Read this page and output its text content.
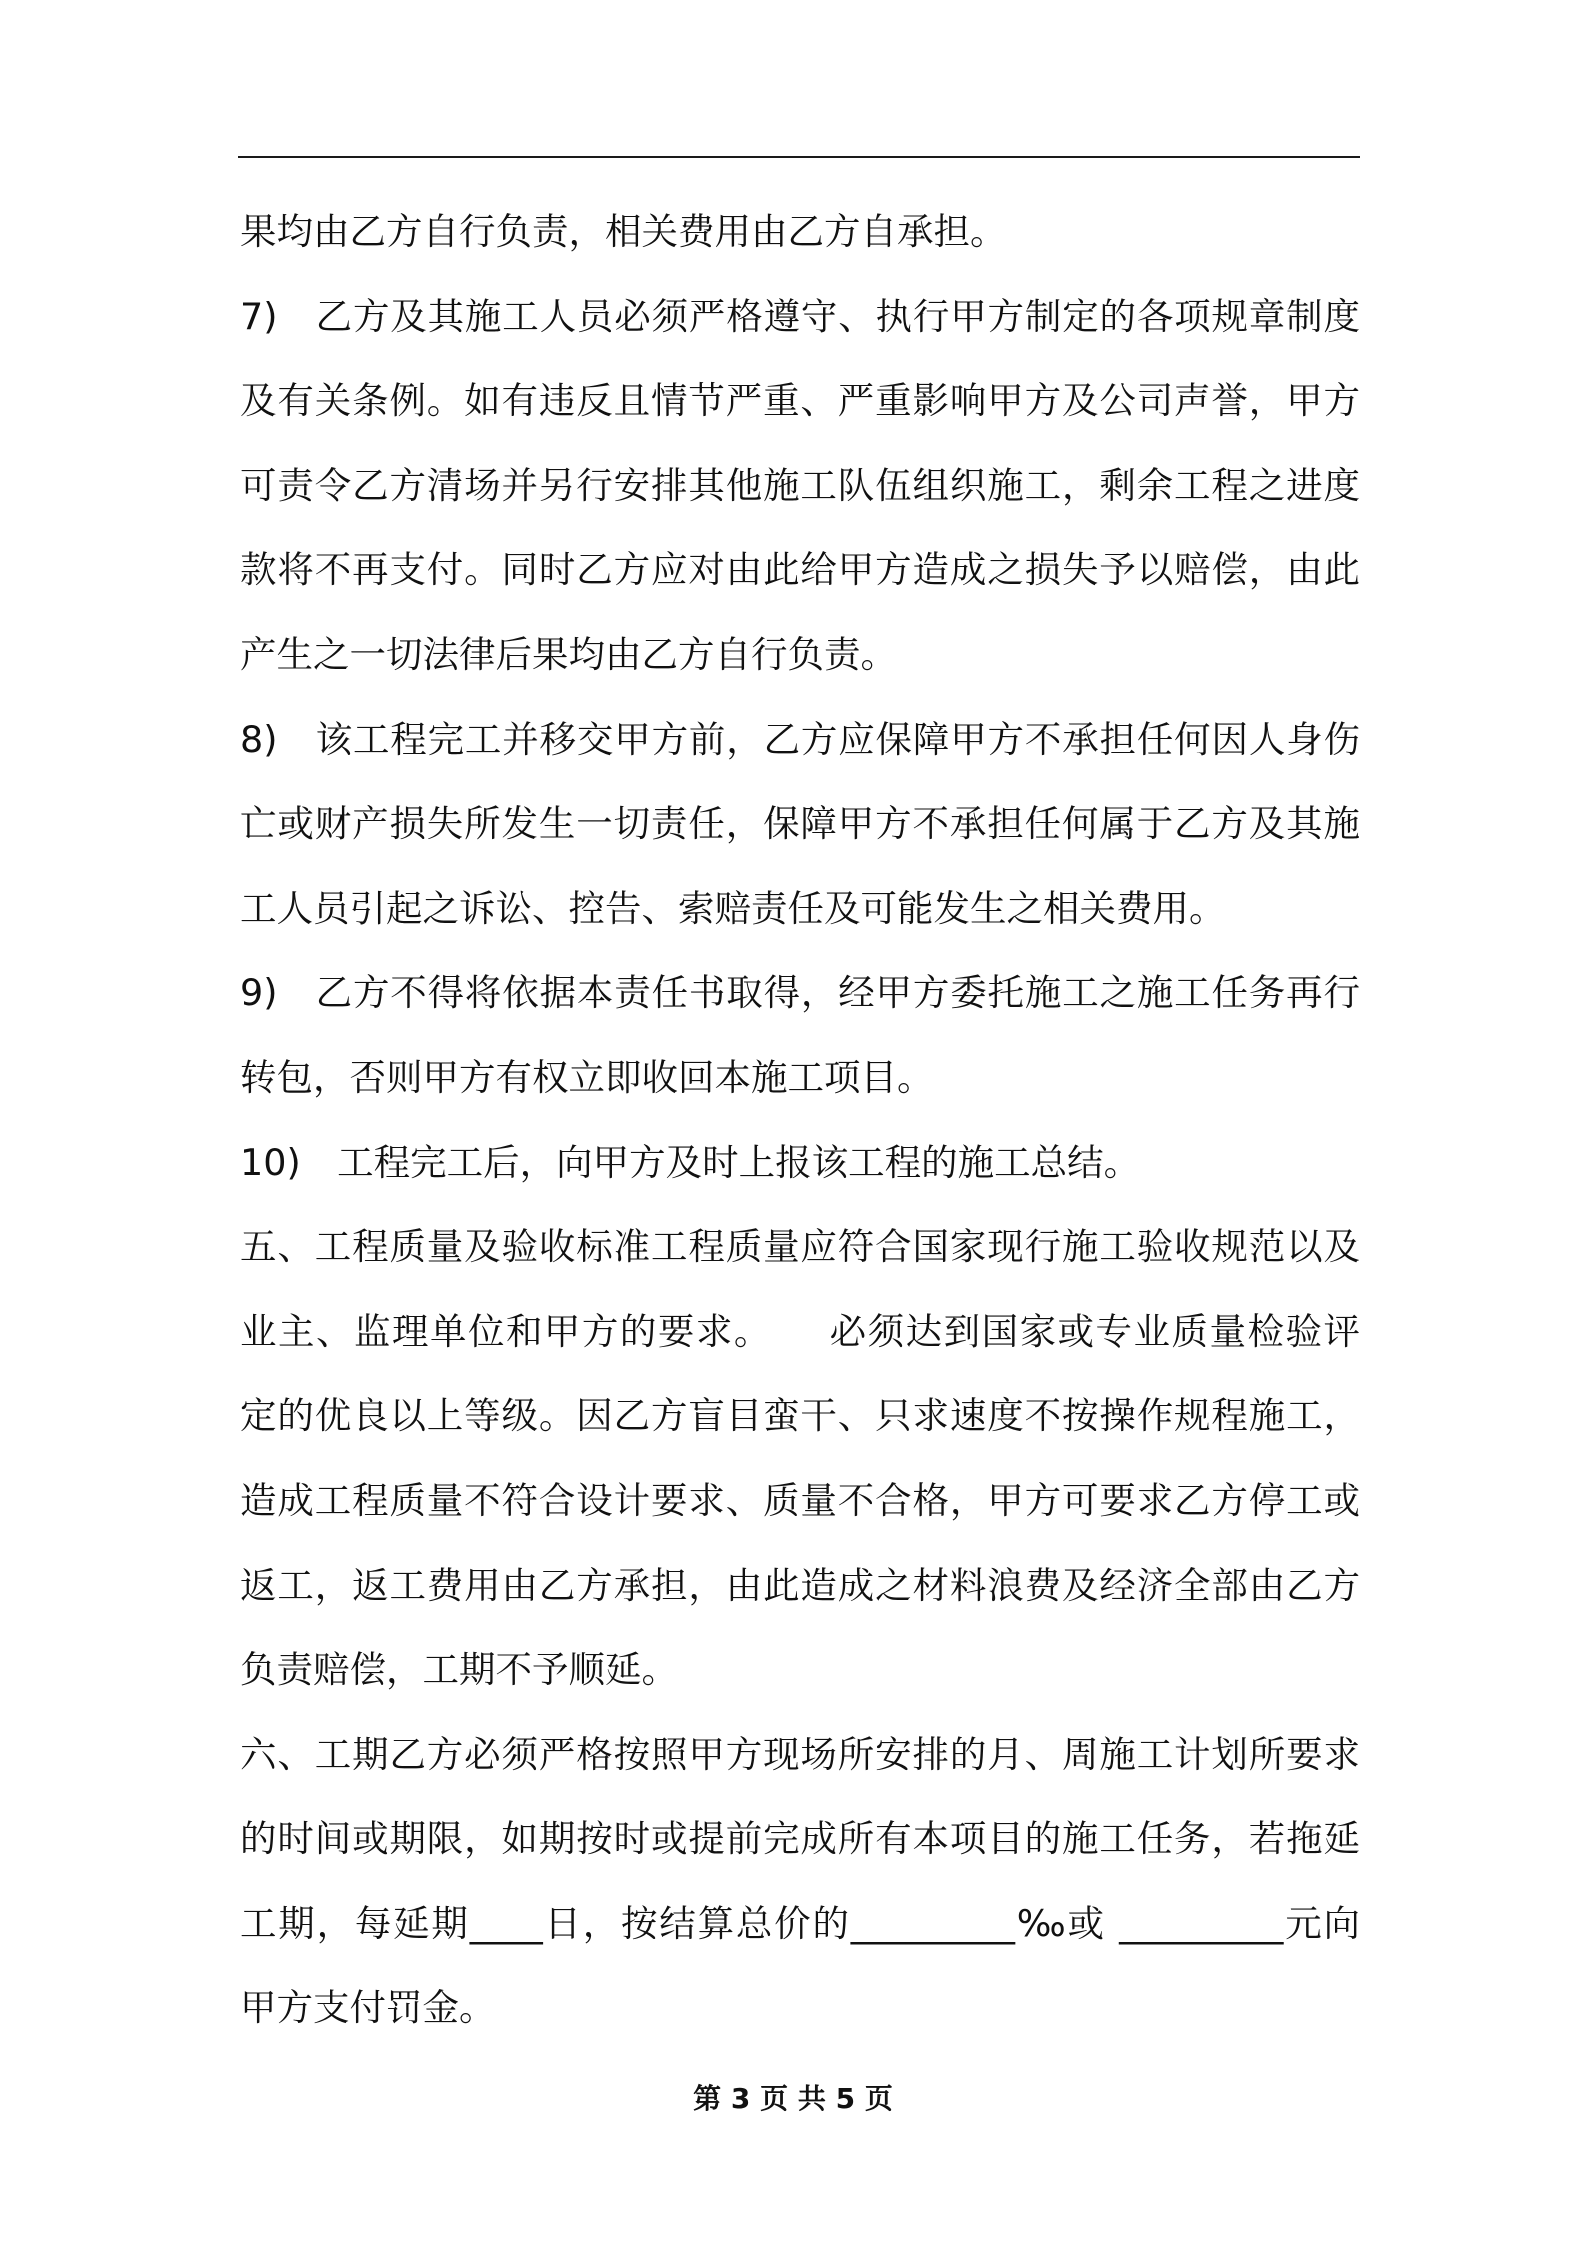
果均由乙方自行负责，相关费用由乙方自承担。
7)　乙方及其施工人员必须严格遵守、执行甲方制定的各项规章制度
及有关条例。如有违反且情节严重、严重影响甲方及公司声誉，甲方
可责令乙方清场并另行安排其他施工队伍组织施工，剩余工程之进度
款将不再支付。同时乙方应对由此给甲方造成之损失予以赔偿，由此
产生之一切法律后果均由乙方自行负责。
8)　该工程完工并移交甲方前，乙方应保障甲方不承担任何因人身伤
亡或财产损失所发生一切责任，保障甲方不承担任何属于乙方及其施
工人员引起之诉讼、控告、索赔责任及可能发生之相关费用。
9)　乙方不得将依据本责任书取得，经甲方委托施工之施工任务再行
转包，否则甲方有权立即收回本施工项目。
10)　工程完工后，向甲方及时上报该工程的施工总结。
五、工程质量及验收标准工程质量应符合国家现行施工验收规范以及
业主、监理单位和甲方的要求。　　必须达到国家或专业质量检验评
定的优良以上等级。因乙方盲目蛮干、只求速度不按操作规程施工，
造成工程质量不符合设计要求、质量不合格，甲方可要求乙方停工或
返工，返工费用由乙方承担，由此造成之材料浪费及经济全部由乙方
负责赔偿，工期不予顺延。
六、工期乙方必须严格按照甲方现场所安排的月、周施工计划所要求
的时间或期限，如期按时或提前完成所有本项目的施工任务，若拖延
工期，每延期____日，按结算总价的_________‰或 _________元向
甲方支付罚金。
第 3 页 共 5 页
